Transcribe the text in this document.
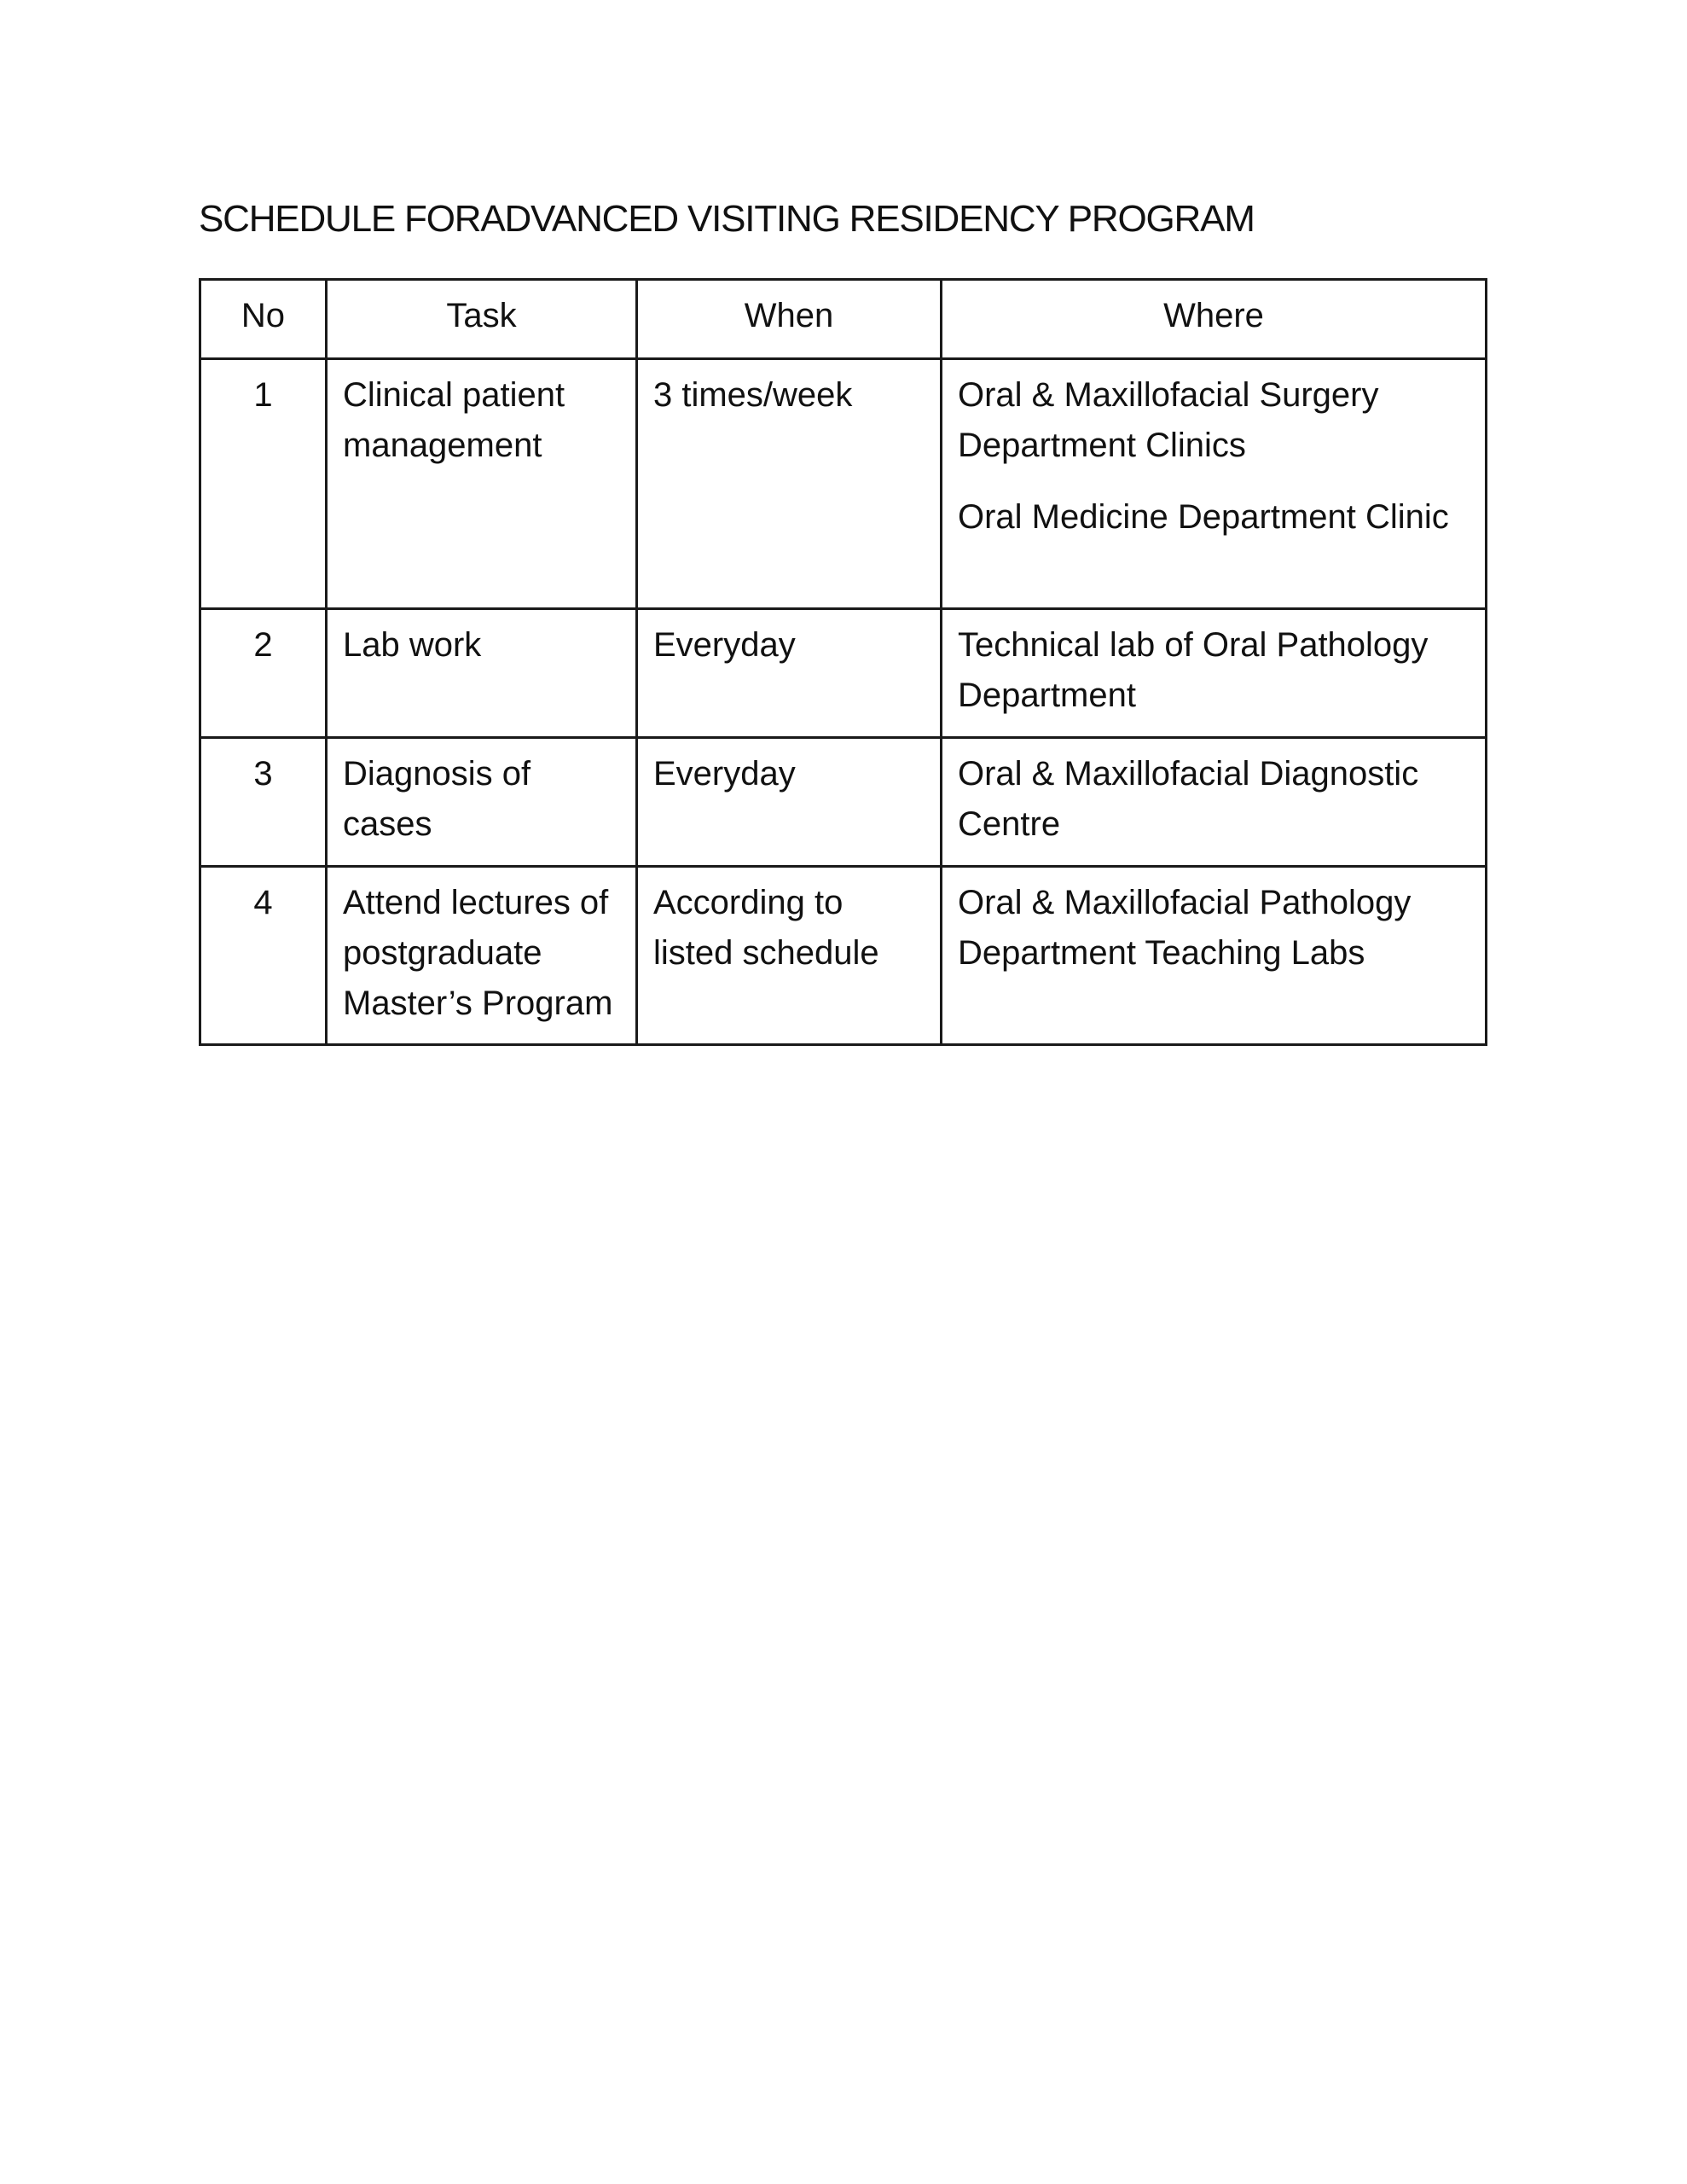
SCHEDULE FORADVANCED VISITING RESIDENCY PROGRAM
No	Task	When	Where
1	Clinical patient management	3 times/week	Oral & Maxillofacial Surgery Department Clinics
Oral Medicine Department Clinic

2	Lab work	Everyday	Technical lab of Oral Pathology Department

3	Diagnosis of cases	Everyday	Oral & Maxillofacial Diagnostic Centre

4	Attend lectures of postgraduate Master’s Program	According to listed schedule	Oral & Maxillofacial Pathology Department Teaching Labs
